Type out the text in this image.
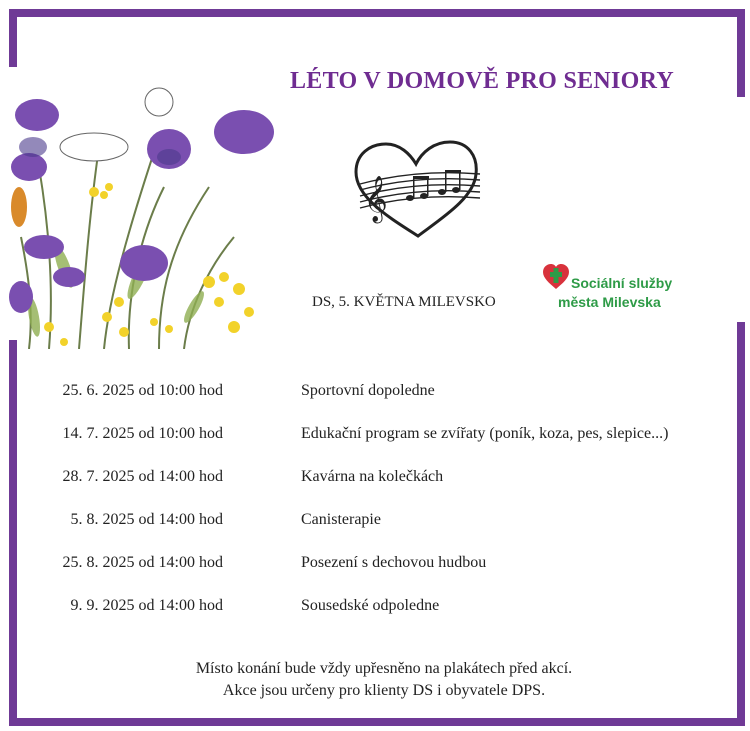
LÉTO V DOMOVĚ PRO SENIORY
𝄞
DS, 5. KVĚTNA MILEVSKO
Sociální služby
města Milevska
25. 6. 2025 od 10:00 hod	Sportovní dopoledne
14. 7. 2025 od 10:00 hod	Edukační program se zvířaty (poník, koza, pes, slepice...)
28. 7. 2025 od 14:00 hod	Kavárna na kolečkách
5. 8. 2025 od 14:00 hod	Canisterapie
25. 8. 2025 od 14:00 hod	Posezení s dechovou hudbou
9. 9. 2025 od 14:00 hod	Sousedské odpoledne
Místo konání bude vždy upřesněno na plakátech před akcí.
Akce jsou určeny pro klienty DS i obyvatele DPS.
